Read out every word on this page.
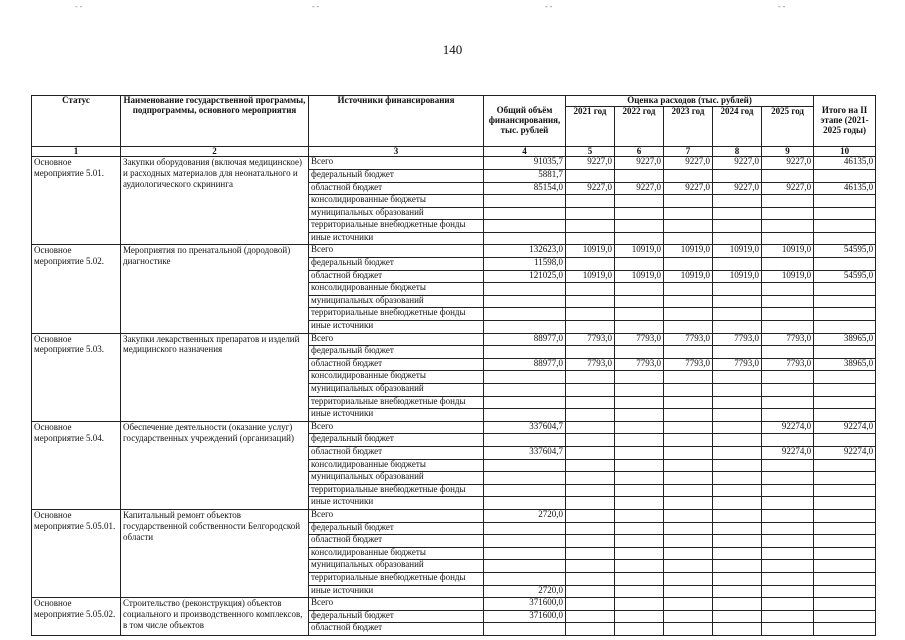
- -	- -	- -	- -
140
Статус	Наименование государственной программы, подпрограммы, основного мероприятия	Источники финансирования	Общий объём финансирования, тыс. рублей	Оценка расходов (тыс. рублей)					Итого на II этапе (2021-2025 годы)
				2021 год	2022 год	2023 год	2024 год	2025 год	
1	2	3	4	5	6	7	8	9	10
Основное мероприятие 5.01.	Закупки оборудования (включая медицинское) и расходных материалов для неонатального и аудиологического скрининга	Всего	91035,7	9227,0	9227,0	9227,0	9227,0	9227,0	46135,0
		федеральный бюджет	5881,7						
		областной бюджет	85154,0	9227,0	9227,0	9227,0	9227,0	9227,0	46135,0
		консолидированные бюджеты							
		муниципальных образований							
		территориальные внебюджетные фонды							
		иные источники							
Основное мероприятие 5.02.	Мероприятия по пренатальной (дородовой) диагностике	Всего	132623,0	10919,0	10919,0	10919,0	10919,0	10919,0	54595,0
		федеральный бюджет	11598,0						
		областной бюджет	121025,0	10919,0	10919,0	10919,0	10919,0	10919,0	54595,0
		консолидированные бюджеты							
		муниципальных образований							
		территориальные внебюджетные фонды							
		иные источники							
Основное мероприятие 5.03.	Закупки лекарственных препаратов и изделий медицинского назначения	Всего	88977,0	7793,0	7793,0	7793,0	7793,0	7793,0	38965,0
		федеральный бюджет							
		областной бюджет	88977,0	7793,0	7793,0	7793,0	7793,0	7793,0	38965,0
		консолидированные бюджеты							
		муниципальных образований							
		территориальные внебюджетные фонды							
		иные источники							
Основное мероприятие 5.04.	Обеспечение деятельности (оказание услуг) государственных учреждений (организаций)	Всего	337604,7					92274,0	92274,0
		федеральный бюджет							
		областной бюджет	337604,7					92274,0	92274,0
		консолидированные бюджеты							
		муниципальных образований							
		территориальные внебюджетные фонды							
		иные источники							
Основное мероприятие 5.05.01.	Капитальный ремонт объектов государственной собственности Белгородской области	Всего	2720,0						
		федеральный бюджет							
		областной бюджет							
		консолидированные бюджеты							
		муниципальных образований							
		территориальные внебюджетные фонды							
		иные источники	2720,0						
Основное мероприятие 5.05.02.	Строительство (реконструкция) объектов социального и производственного комплексов, в том числе объектов	Всего	371600,0						
		федеральный бюджет	371600,0						
		областной бюджет							
